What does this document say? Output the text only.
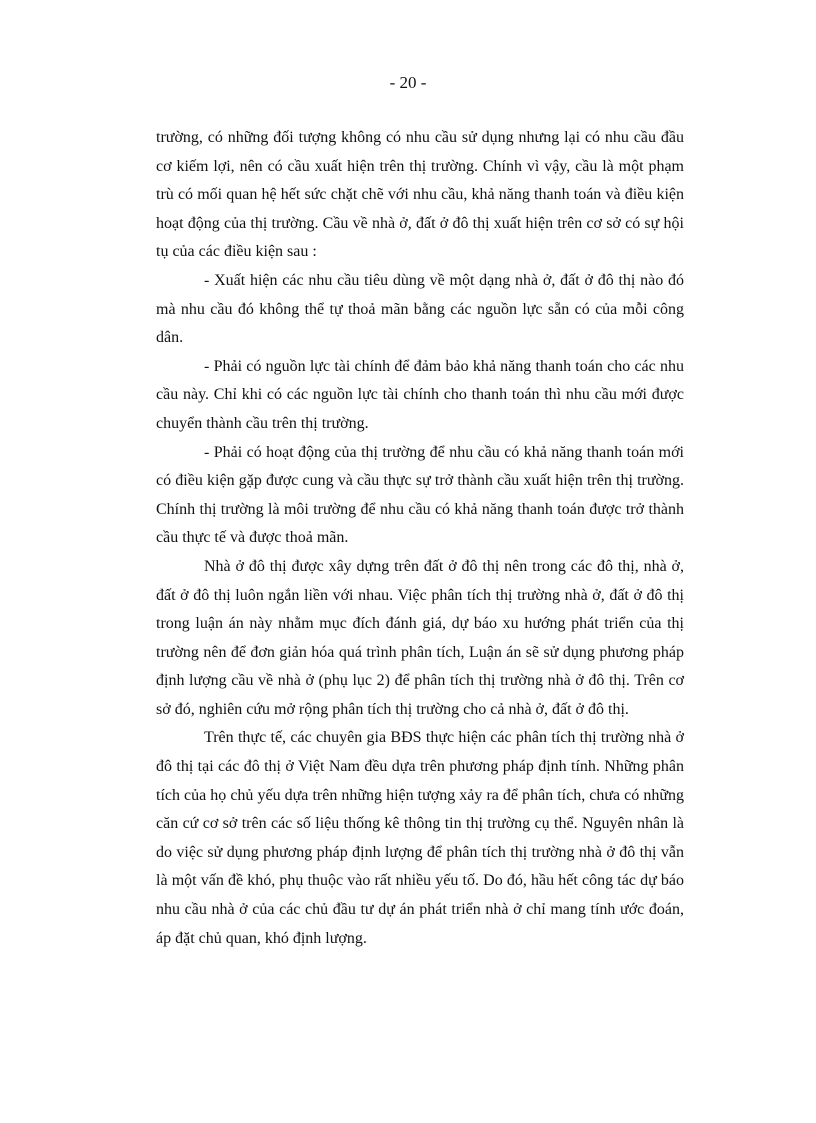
- 20 -

trường, có những đối tượng không có nhu cầu sử dụng nhưng lại có nhu cầu đầu cơ kiếm lợi, nên có cầu xuất hiện trên thị trường. Chính vì vậy, cầu là một phạm trù có mối quan hệ hết sức chặt chẽ với nhu cầu, khả năng thanh toán và điều kiện hoạt động của thị trường. Cầu về nhà ở, đất ở đô thị xuất hiện trên cơ sở có sự hội tụ của các điều kiện sau :

- Xuất hiện các nhu cầu tiêu dùng về một dạng nhà ở, đất ở đô thị nào đó mà nhu cầu đó không thể tự thoả mãn bằng các nguồn lực sẵn có của mỗi công dân.

- Phải có nguồn lực tài chính để đảm bảo khả năng thanh toán cho các nhu cầu này. Chỉ khi có các nguồn lực tài chính cho thanh toán thì nhu cầu mới được chuyển thành cầu trên thị trường.

- Phải có hoạt động của thị trường để nhu cầu có khả năng thanh toán mới có điều kiện gặp được cung và cầu thực sự trở thành cầu xuất hiện trên thị trường. Chính thị trường là môi trường để nhu cầu có khả năng thanh toán được trở thành cầu thực tế và được thoả mãn.

Nhà ở đô thị được xây dựng trên đất ở đô thị nên trong các đô thị, nhà ở, đất ở đô thị luôn ngắn liền với nhau. Việc phân tích thị trường nhà ở, đất ở đô thị trong luận án này nhằm mục đích đánh giá, dự báo xu hướng phát triển của thị trường nên để đơn giản hóa quá trình phân tích, Luận án sẽ sử dụng phương pháp định lượng cầu về nhà ở (phụ lục 2) để phân tích thị trường nhà ở đô thị. Trên cơ sở đó, nghiên cứu mở rộng phân tích thị trường cho cả nhà ở, đất ở đô thị.

Trên thực tế, các chuyên gia BĐS thực hiện các phân tích thị trường nhà ở đô thị tại các đô thị ở Việt Nam đều dựa trên phương pháp định tính. Những phân tích của họ chủ yếu dựa trên những hiện tượng xảy ra để phân tích, chưa có những căn cứ cơ sở trên các số liệu thống kê thông tin thị trường cụ thể. Nguyên nhân là do việc sử dụng phương pháp định lượng để phân tích thị trường nhà ở đô thị vẫn là một vấn đề khó, phụ thuộc vào rất nhiều yếu tố. Do đó, hầu hết công tác dự báo nhu cầu nhà ở của các chủ đầu tư dự án phát triển nhà ở chỉ mang tính ước đoán, áp đặt chủ quan, khó định lượng.
